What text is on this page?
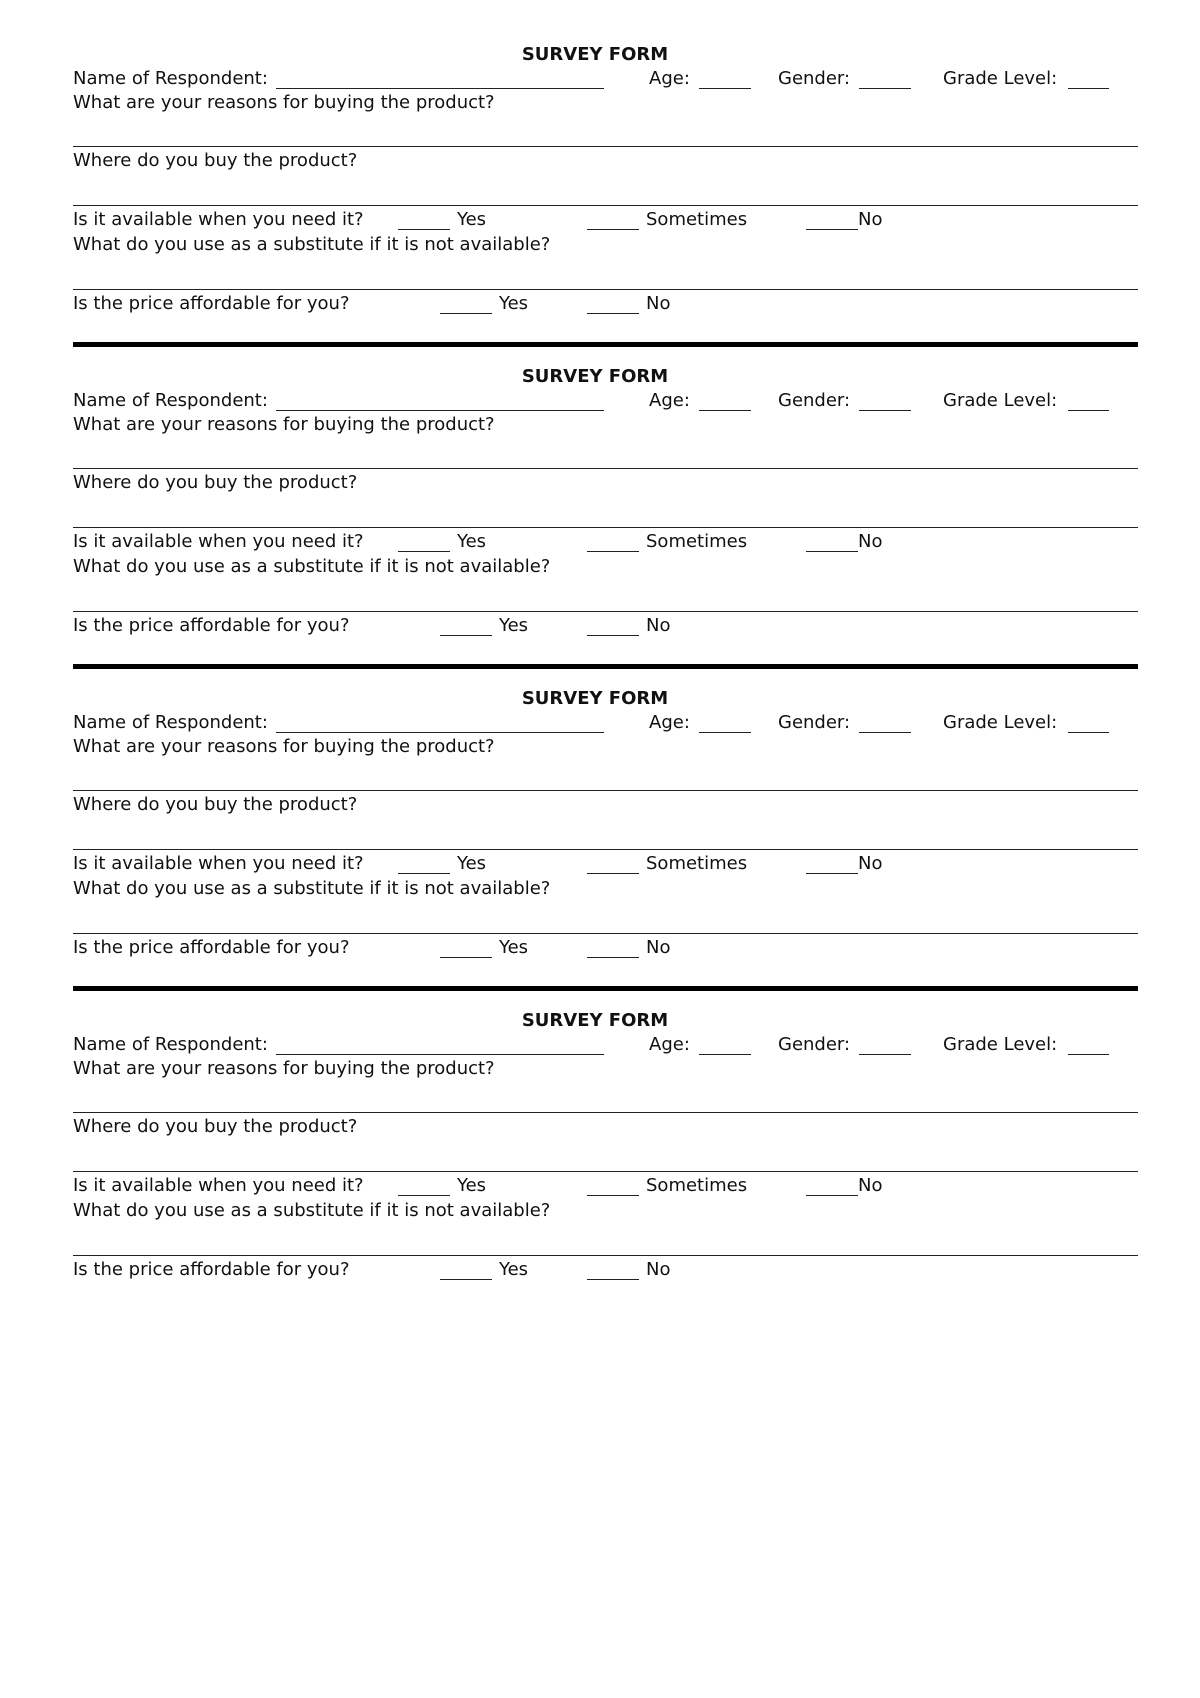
SURVEY FORM
Name of Respondent:	Age:	Gender:	Grade Level:
What are your reasons for buying the product?
Where do you buy the product?
Is it available when you need it?	Yes	Sometimes	No
What do you use as a substitute if it is not available?
Is the price affordable for you?	Yes	No
SURVEY FORM
Name of Respondent:	Age:	Gender:	Grade Level:
What are your reasons for buying the product?
Where do you buy the product?
Is it available when you need it?	Yes	Sometimes	No
What do you use as a substitute if it is not available?
Is the price affordable for you?	Yes	No
SURVEY FORM
Name of Respondent:	Age:	Gender:	Grade Level:
What are your reasons for buying the product?
Where do you buy the product?
Is it available when you need it?	Yes	Sometimes	No
What do you use as a substitute if it is not available?
Is the price affordable for you?	Yes	No
SURVEY FORM
Name of Respondent:	Age:	Gender:	Grade Level:
What are your reasons for buying the product?
Where do you buy the product?
Is it available when you need it?	Yes	Sometimes	No
What do you use as a substitute if it is not available?
Is the price affordable for you?	Yes	No
